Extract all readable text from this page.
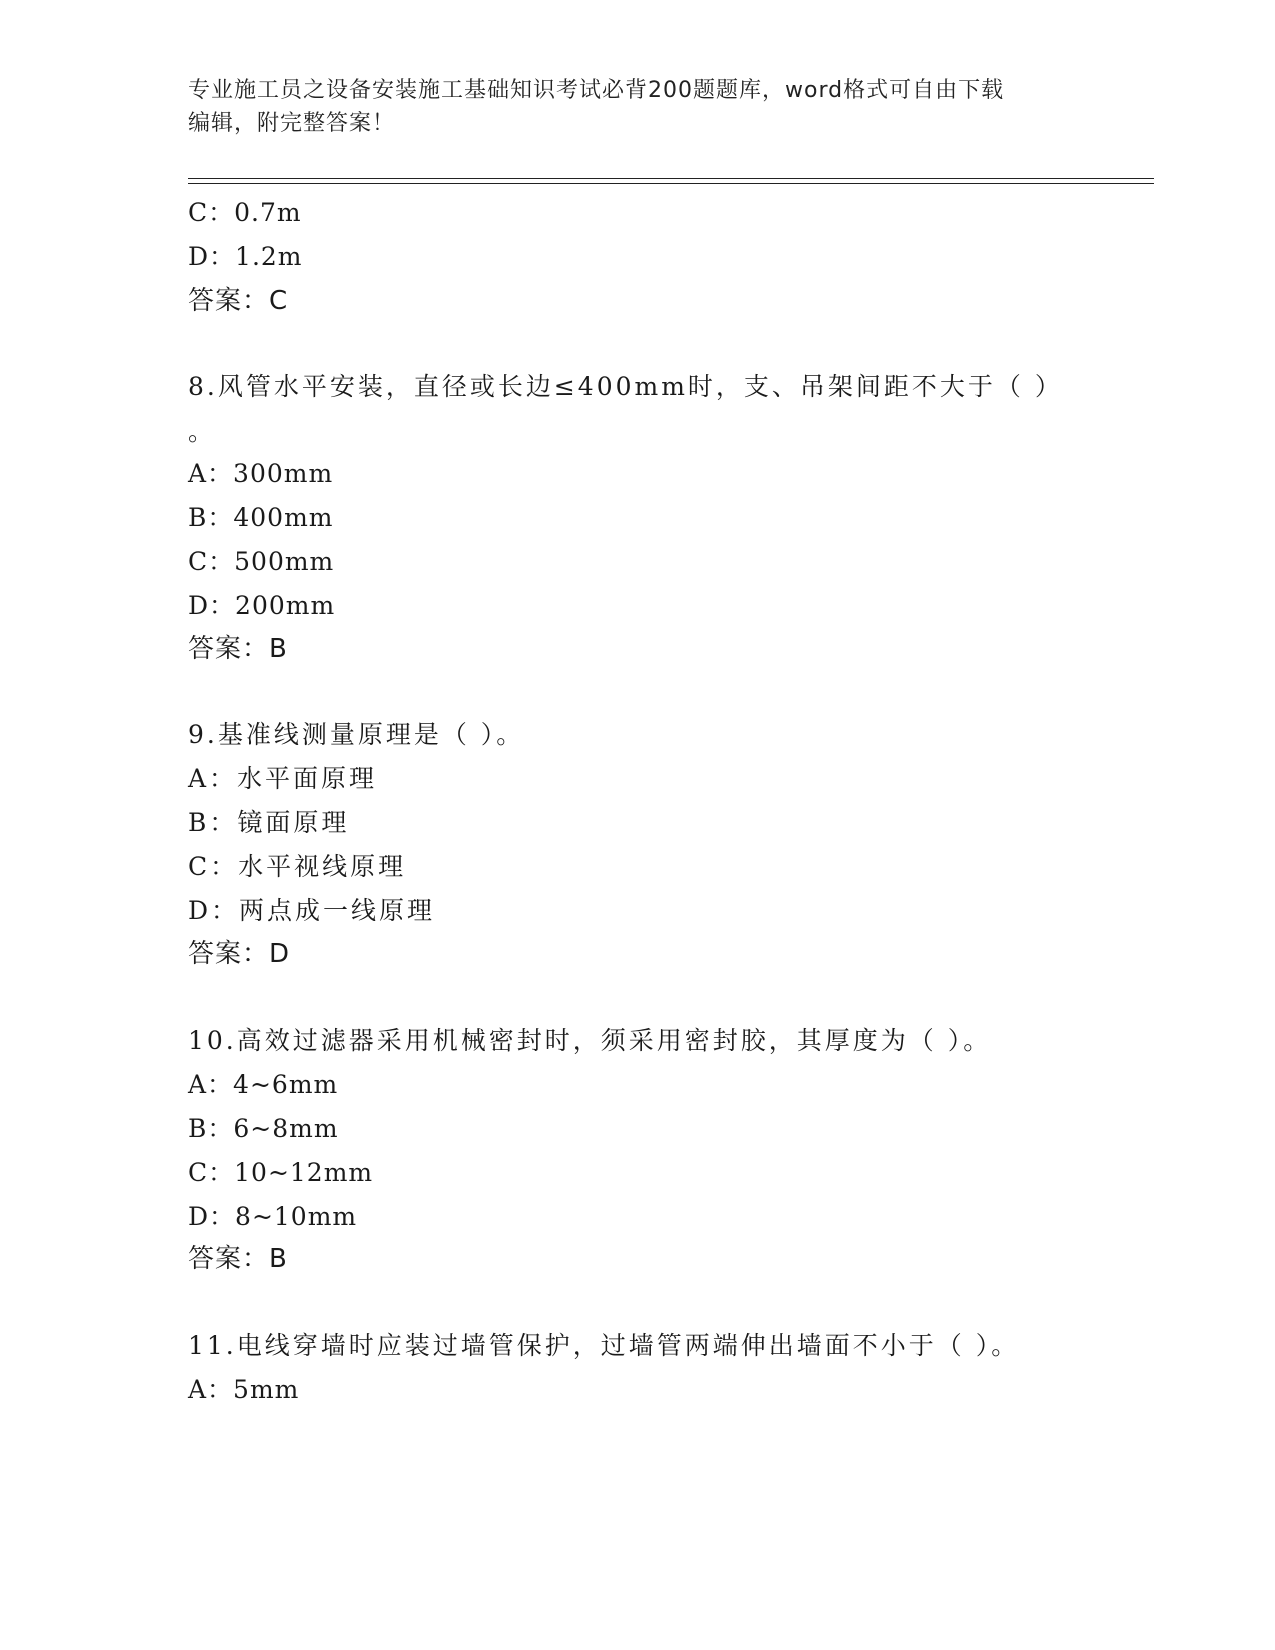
专业施工员之设备安装施工基础知识考试必背200题题库，word格式可自由下载
编辑，附完整答案！
C：0.7m
D：1.2m
答案：C
8.风管水平安装，直径或长边≤400mm时，支、吊架间距不大于（ ）
。
A：300mm
B：400mm
C：500mm
D：200mm
答案：B
9.基准线测量原理是（ ）。
A：水平面原理
B：镜面原理
C：水平视线原理
D：两点成一线原理
答案：D
10.高效过滤器采用机械密封时，须采用密封胶，其厚度为（ ）。
A：4~6mm
B：6~8mm
C：10~12mm
D：8~10mm
答案：B
11.电线穿墙时应装过墙管保护，过墙管两端伸出墙面不小于（ ）。
A：5mm
